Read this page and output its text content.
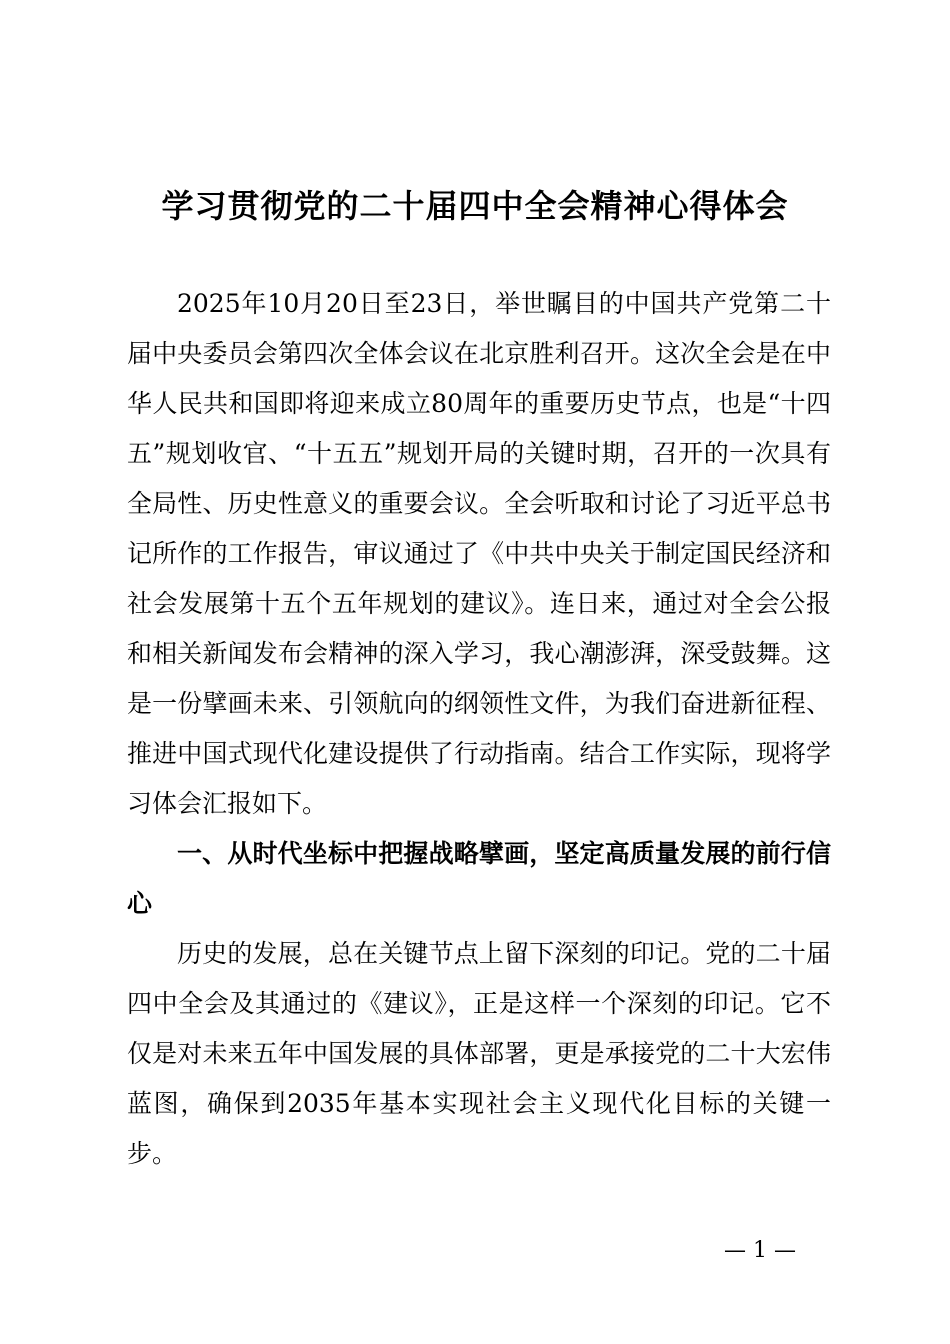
学习贯彻党的二十届四中全会精神心得体会

2025年10月20日至23日，举世瞩目的中国共产党第二十届中央委员会第四次全体会议在北京胜利召开。这次全会是在中华人民共和国即将迎来成立80周年的重要历史节点，也是“十四五”规划收官、“十五五”规划开局的关键时期，召开的一次具有全局性、历史性意义的重要会议。全会听取和讨论了习近平总书记所作的工作报告，审议通过了《中共中央关于制定国民经济和社会发展第十五个五年规划的建议》。连日来，通过对全会公报和相关新闻发布会精神的深入学习，我心潮澎湃，深受鼓舞。这是一份擘画未来、引领航向的纲领性文件，为我们奋进新征程、推进中国式现代化建设提供了行动指南。结合工作实际，现将学习体会汇报如下。

一、从时代坐标中把握战略擘画，坚定高质量发展的前行信心

历史的发展，总在关键节点上留下深刻的印记。党的二十届四中全会及其通过的《建议》，正是这样一个深刻的印记。它不仅是对未来五年中国发展的具体部署，更是承接党的二十大宏伟蓝图，确保到2035年基本实现社会主义现代化目标的关键一步。

— 1 —
